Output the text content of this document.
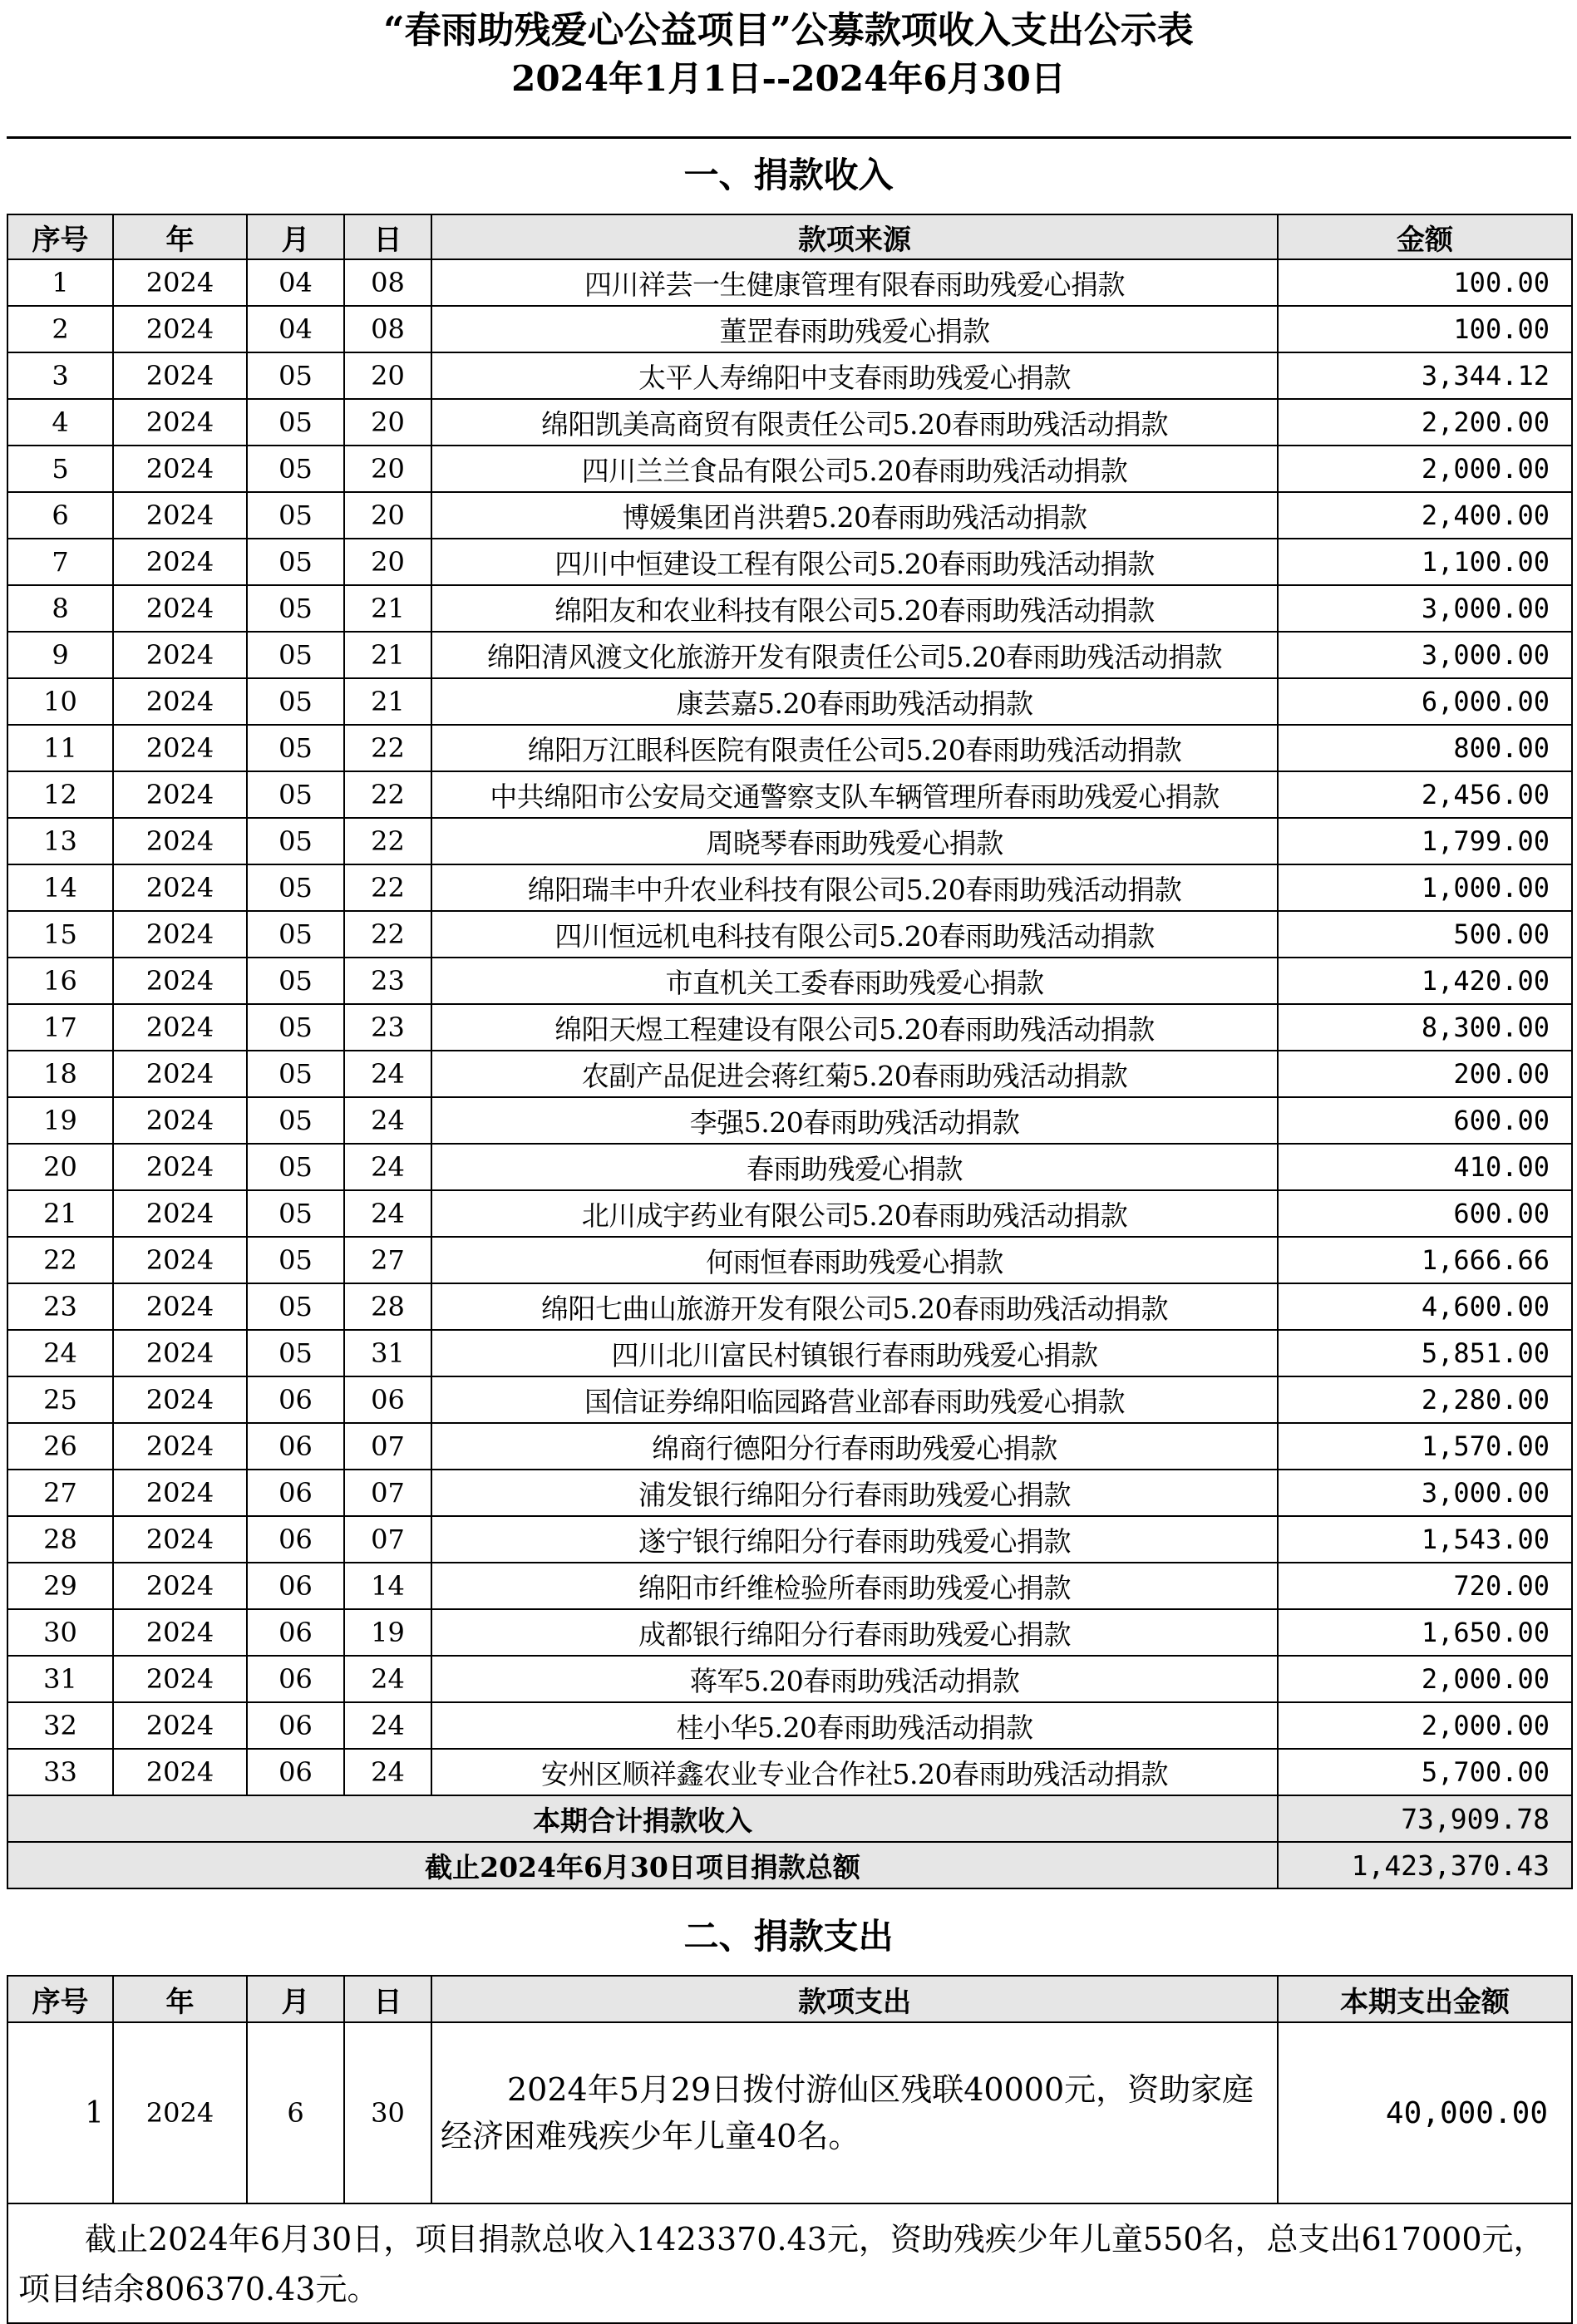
“春雨助残爱心公益项目”公募款项收入支出公示表
2024年1月1日--2024年6月30日
一、捐款收入
序号	年	月	日	款项来源	金额
1	2024	04	08	四川祥芸一生健康管理有限春雨助残爱心捐款	100.00
2	2024	04	08	董罡春雨助残爱心捐款	100.00
3	2024	05	20	太平人寿绵阳中支春雨助残爱心捐款	3,344.12
4	2024	05	20	绵阳凯美高商贸有限责任公司5.20春雨助残活动捐款	2,200.00
5	2024	05	20	四川兰兰食品有限公司5.20春雨助残活动捐款	2,000.00
6	2024	05	20	博媛集团肖洪碧5.20春雨助残活动捐款	2,400.00
7	2024	05	20	四川中恒建设工程有限公司5.20春雨助残活动捐款	1,100.00
8	2024	05	21	绵阳友和农业科技有限公司5.20春雨助残活动捐款	3,000.00
9	2024	05	21	绵阳清风渡文化旅游开发有限责任公司5.20春雨助残活动捐款	3,000.00
10	2024	05	21	康芸嘉5.20春雨助残活动捐款	6,000.00
11	2024	05	22	绵阳万江眼科医院有限责任公司5.20春雨助残活动捐款	800.00
12	2024	05	22	中共绵阳市公安局交通警察支队车辆管理所春雨助残爱心捐款	2,456.00
13	2024	05	22	周晓琴春雨助残爱心捐款	1,799.00
14	2024	05	22	绵阳瑞丰中升农业科技有限公司5.20春雨助残活动捐款	1,000.00
15	2024	05	22	四川恒远机电科技有限公司5.20春雨助残活动捐款	500.00
16	2024	05	23	市直机关工委春雨助残爱心捐款	1,420.00
17	2024	05	23	绵阳天煜工程建设有限公司5.20春雨助残活动捐款	8,300.00
18	2024	05	24	农副产品促进会蒋红菊5.20春雨助残活动捐款	200.00
19	2024	05	24	李强5.20春雨助残活动捐款	600.00
20	2024	05	24	春雨助残爱心捐款	410.00
21	2024	05	24	北川成宇药业有限公司5.20春雨助残活动捐款	600.00
22	2024	05	27	何雨恒春雨助残爱心捐款	1,666.66
23	2024	05	28	绵阳七曲山旅游开发有限公司5.20春雨助残活动捐款	4,600.00
24	2024	05	31	四川北川富民村镇银行春雨助残爱心捐款	5,851.00
25	2024	06	06	国信证券绵阳临园路营业部春雨助残爱心捐款	2,280.00
26	2024	06	07	绵商行德阳分行春雨助残爱心捐款	1,570.00
27	2024	06	07	浦发银行绵阳分行春雨助残爱心捐款	3,000.00
28	2024	06	07	遂宁银行绵阳分行春雨助残爱心捐款	1,543.00
29	2024	06	14	绵阳市纤维检验所春雨助残爱心捐款	720.00
30	2024	06	19	成都银行绵阳分行春雨助残爱心捐款	1,650.00
31	2024	06	24	蒋军5.20春雨助残活动捐款	2,000.00
32	2024	06	24	桂小华5.20春雨助残活动捐款	2,000.00
33	2024	06	24	安州区顺祥鑫农业专业合作社5.20春雨助残活动捐款	5,700.00
本期合计捐款收入					73,909.78
截止2024年6月30日项目捐款总额					1,423,370.43
二、捐款支出
序号	年	月	日	款项支出	本期支出金额
1	2024	6	30	2024年5月29日拨付游仙区残联40000元，资助家庭经济困难残疾少年儿童40名。	40,000.00
截止2024年6月30日，项目捐款总收入1423370.43元，资助残疾少年儿童550名，总支出617000元，项目结余806370.43元。					
